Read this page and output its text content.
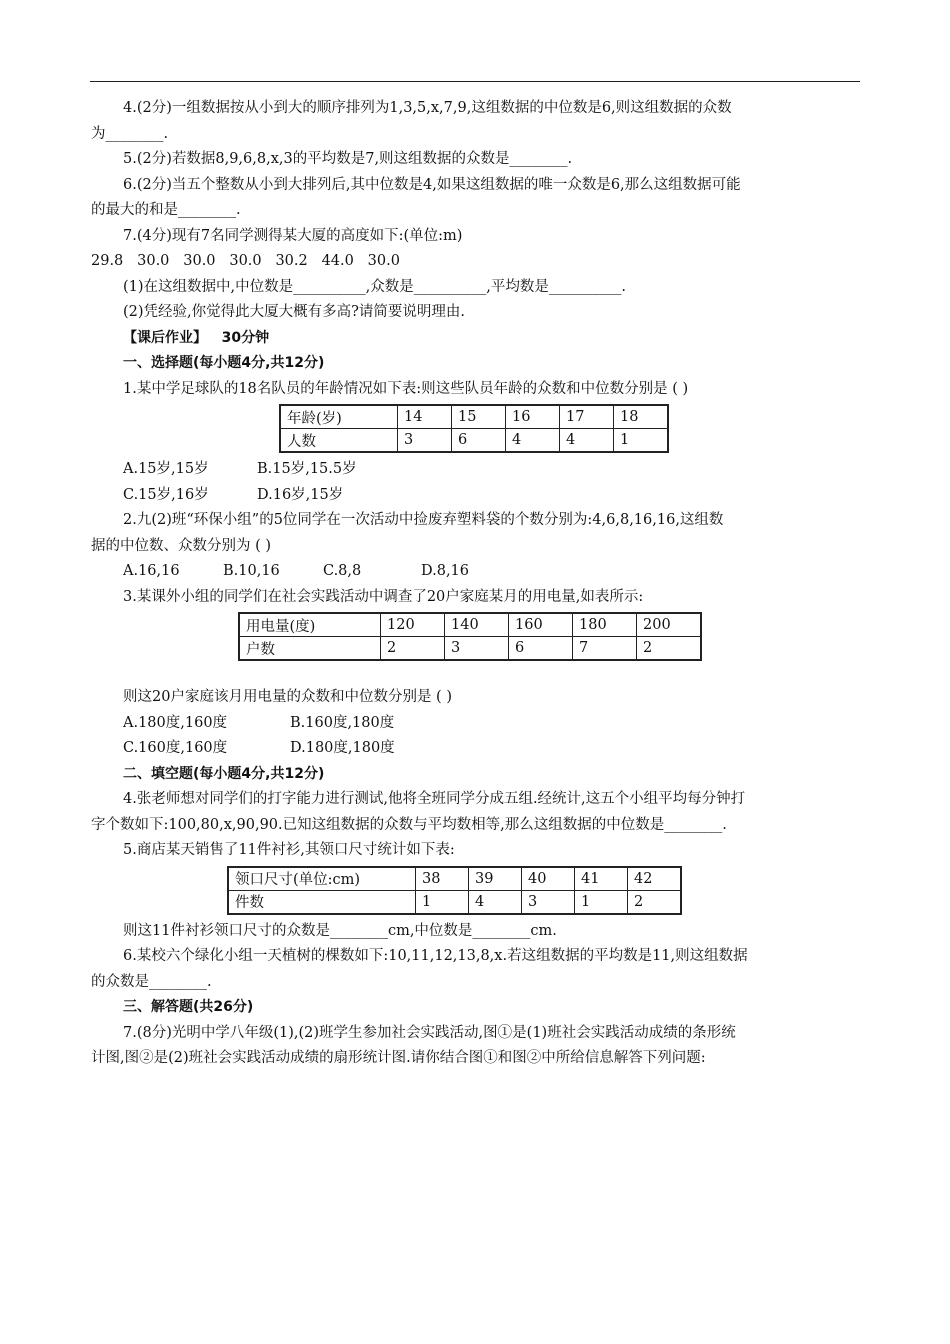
4.(2分)一组数据按从小到大的顺序排列为1,3,5,x,7,9,这组数据的中位数是6,则这组数据的众数

为________.

5.(2分)若数据8,9,6,8,x,3的平均数是7,则这组数据的众数是________.

6.(2分)当五个整数从小到大排列后,其中位数是4,如果这组数据的唯一众数是6,那么这组数据可能

的最大的和是________.

7.(4分)现有7名同学测得某大厦的高度如下:(单位:m)

29.8   30.0   30.0   30.0   30.2   44.0   30.0

(1)在这组数据中,中位数是__________,众数是__________,平均数是__________.

(2)凭经验,你觉得此大厦大概有多高?请简要说明理由.

【课后作业】   30分钟

一、选择题(每小题4分,共12分)

1.某中学足球队的18名队员的年龄情况如下表:则这些队员年龄的众数和中位数分别是 ( )

年龄(岁)	14	15	16	17	18
人数	3	6	4	4	1

A.15岁,15岁	B.15岁,15.5岁

C.15岁,16岁	D.16岁,15岁

2.九(2)班“环保小组”的5位同学在一次活动中捡废弃塑料袋的个数分别为:4,6,8,16,16,这组数

据的中位数、众数分别为 ( )

A.16,16	B.10,16	C.8,8	D.8,16

3.某课外小组的同学们在社会实践活动中调查了20户家庭某月的用电量,如表所示:

用电量(度)	120	140	160	180	200
户数	2	3	6	7	2

则这20户家庭该月用电量的众数和中位数分别是 ( )

A.180度,160度	B.160度,180度

C.160度,160度	D.180度,180度

二、填空题(每小题4分,共12分)

4.张老师想对同学们的打字能力进行测试,他将全班同学分成五组.经统计,这五个小组平均每分钟打

字个数如下:100,80,x,90,90.已知这组数据的众数与平均数相等,那么这组数据的中位数是________.

5.商店某天销售了11件衬衫,其领口尺寸统计如下表:

领口尺寸(单位:cm)	38	39	40	41	42
件数	1	4	3	1	2

则这11件衬衫领口尺寸的众数是________cm,中位数是________cm.

6.某校六个绿化小组一天植树的棵数如下:10,11,12,13,8,x.若这组数据的平均数是11,则这组数据

的众数是________.

三、解答题(共26分)

7.(8分)光明中学八年级(1),(2)班学生参加社会实践活动,图①是(1)班社会实践活动成绩的条形统

计图,图②是(2)班社会实践活动成绩的扇形统计图.请你结合图①和图②中所给信息解答下列问题:
